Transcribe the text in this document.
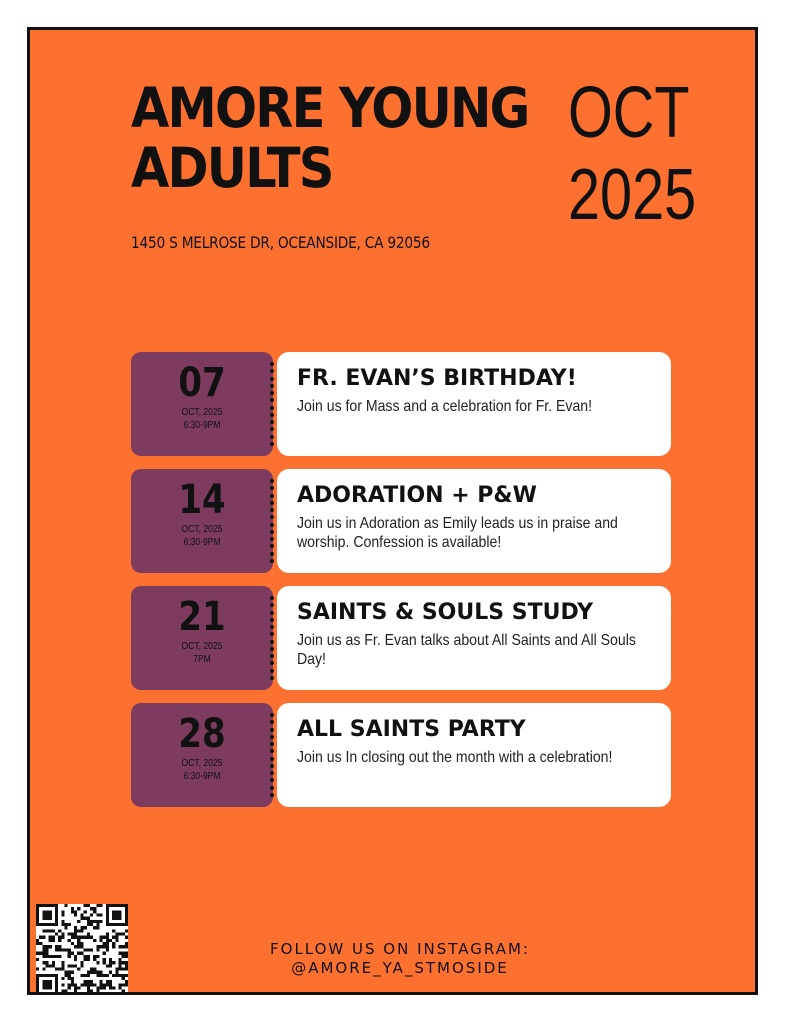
AMORE YOUNG
ADULTS
1450 S MELROSE DR, OCEANSIDE, CA 92056
OCT
2025
07
OCT, 2025
6:30-9PM
FR. EVAN’S BIRTHDAY!

Join us for Mass and a celebration for Fr. Evan!

14
OCT, 2025
6:30-9PM
ADORATION + P&W

Join us in Adoration as Emily leads us in praise and worship. Confession is available!

21
OCT, 2025
7PM
SAINTS & SOULS STUDY

Join us as Fr. Evan talks about All Saints and All Souls Day!

28
OCT, 2025
6:30-9PM
ALL SAINTS PARTY

Join us In closing out the month with a celebration!

FOLLOW US ON INSTAGRAM:
@AMORE_YA_STMOSIDE
